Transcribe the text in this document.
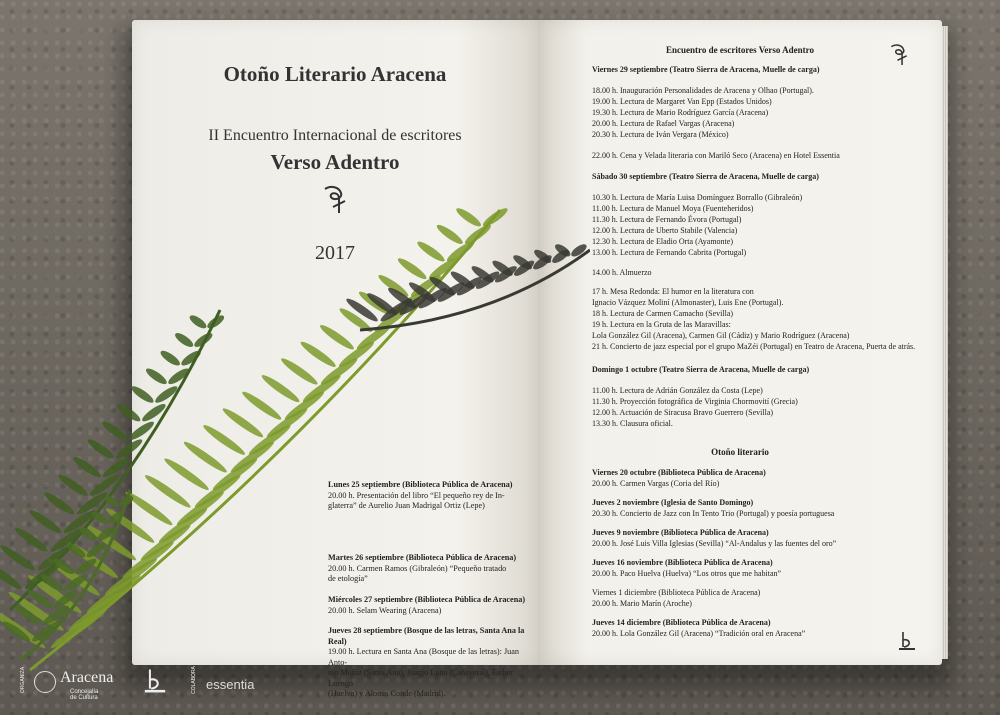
Otoño Literario Aracena
II Encuentro Internacional de escritores
Verso Adentro
2017
Lunes 25 septiembre (Biblioteca Pública de Aracena)
20.00 h. Presentación del libro “El pequeño rey de In-
glaterra” de Aurelio Juan Madrigal Ortiz (Lepe)
Martes 26 septiembre (Biblioteca Pública de Aracena)
20.00 h. Carmen Ramos (Gibraleón) “Pequeño tratado
de etología”
Miércoles 27 septiembre (Biblioteca Pública de Aracena)
20.00 h. Selam Wearing (Aracena)
Jueves 28 septiembre (Bosque de las letras, Santa Ana la Real)
19.00 h. Lectura en Santa Ana (Bosque de las letras): Juan Anto-
nio Muñiz (Santa Ana), Juanjo Luna (Cañaveral), Esther Luengo
(Huelva) y Alonso Conde (Madrid).
Encuentro de escritores Verso Adentro
Viernes 29 septiembre (Teatro Sierra de Aracena, Muelle de carga)
18.00 h. Inauguración Personalidades de Aracena y Olhao (Portugal).
19.00 h. Lectura de Margaret Van Epp (Estados Unidos)
19.30 h. Lectura de Mario Rodríguez García (Aracena)
20.00 h. Lectura de Rafael Vargas (Aracena)
20.30 h. Lectura de Iván Vergara (México)
22.00 h. Cena y Velada literaria con Mariló Seco (Aracena) en Hotel Essentia
Sábado 30 septiembre (Teatro Sierra de Aracena, Muelle de carga)
10.30 h. Lectura de María Luisa Domínguez Borrallo (Gibraleón)
11.00 h. Lectura de Manuel Moya (Fuenteheridos)
11.30 h. Lectura de Fernando Évora (Portugal)
12.00 h. Lectura de Uberto Stabile (Valencia)
12.30 h. Lectura de Eladio Orta (Ayamonte)
13.00 h. Lectura de Fernando Cabrita (Portugal)
14.00 h. Almuerzo
17 h. Mesa Redonda: El humor en la literatura con
Ignacio Vázquez Moliní (Almonaster), Luis Ene (Portugal).
18 h. Lectura de Carmen Camacho (Sevilla)
19 h. Lectura en la Gruta de las Maravillas:
Lola González Gil (Aracena), Carmen Gil (Cádiz) y Mario Rodríguez (Aracena)
21 h. Concierto de jazz especial por el grupo MaZéi (Portugal) en Teatro de Aracena, Puerta de atrás.
Domingo 1 octubre (Teatro Sierra de Aracena, Muelle de carga)
11.00 h. Lectura de Adrián González da Costa (Lepe)
11.30 h. Proyección fotográfica de Virginia Chormovití (Grecia)
12.00 h. Actuación de Siracusa Bravo Guerrero (Sevilla)
13.30 h. Clausura oficial.
Otoño literario
Viernes 20 octubre (Biblioteca Pública de Aracena)
20.00 h. Carmen Vargas (Coria del Río)
Jueves 2 noviembre (Iglesia de Santo Domingo)
20.30 h. Concierto de Jazz con In Tento Trio (Portugal) y poesía portuguesa
Jueves 9 noviembre (Biblioteca Pública de Aracena)
20.00 h. José Luis Villa Iglesias (Sevilla) “Al-Andalus y las fuentes del oro”
Jueves 16 noviembre (Biblioteca Pública de Aracena)
20.00 h. Paco Huelva (Huelva) “Los otros que me habitan”
Viernes 1 diciembre (Biblioteca Pública de Aracena)
20.00 h. Mario Marín (Aroche)
Jueves 14 diciembre (Biblioteca Pública de Aracena)
20.00 h. Lola González Gil (Aracena) “Tradición oral en Aracena”
ORGANIZA Aracena
Concejalía de Cultura
COLABORA essentia
